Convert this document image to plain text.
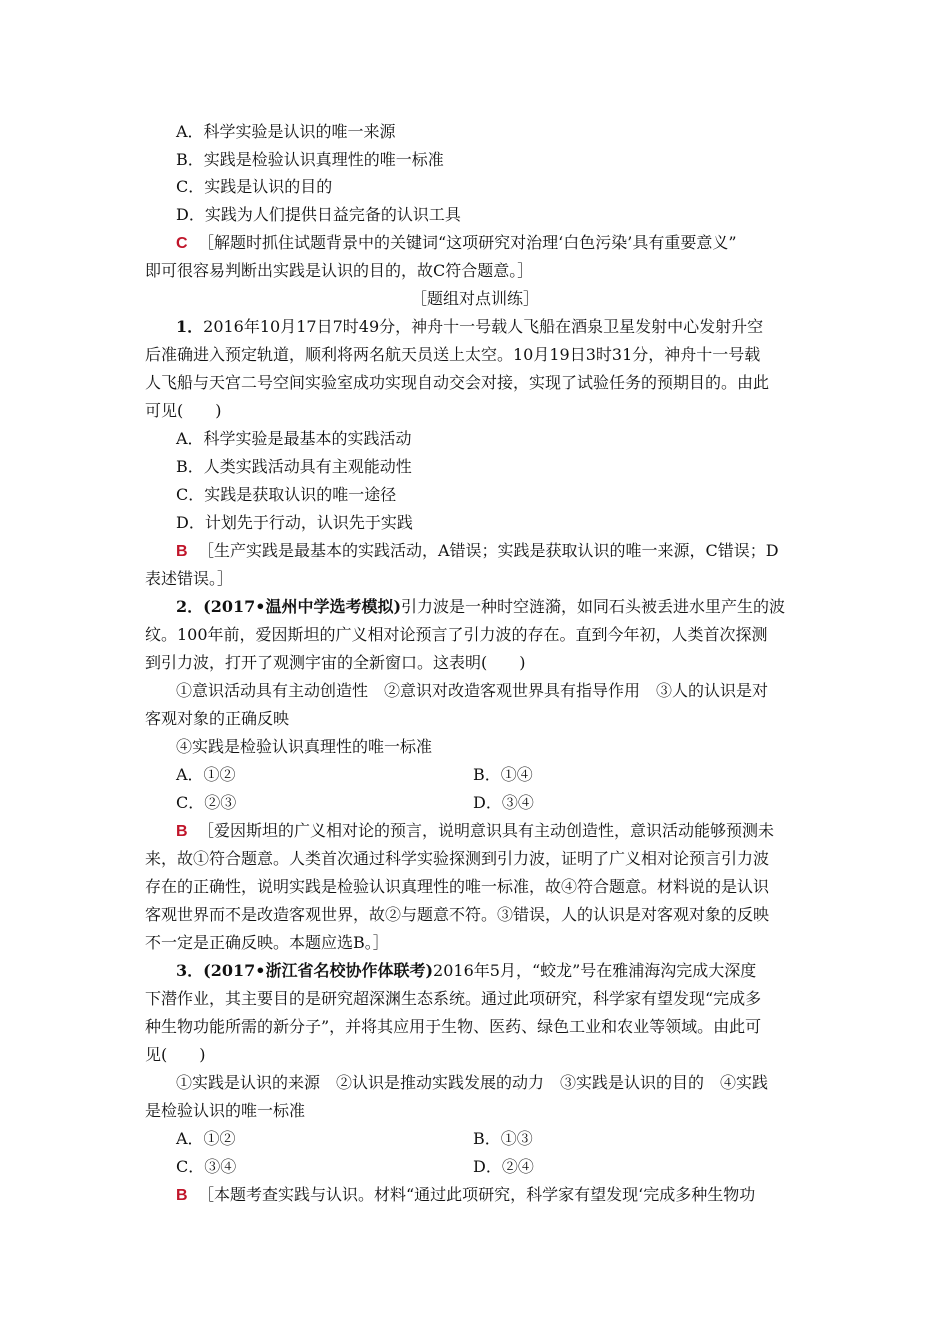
A．科学实验是认识的唯一来源
B．实践是检验认识真理性的唯一标准
C．实践是认识的目的
D．实践为人们提供日益完备的认识工具
C ［解题时抓住试题背景中的关键词“这项研究对治理‘白色污染’具有重要意义”
即可很容易判断出实践是认识的目的，故C符合题意。］
［题组对点训练］
1．2016年10月17日7时49分，神舟十一号载人飞船在酒泉卫星发射中心发射升空
后准确进入预定轨道，顺利将两名航天员送上太空。10月19日3时31分，神舟十一号载
人飞船与天宫二号空间实验室成功实现自动交会对接，实现了试验任务的预期目的。由此
可见(　　)
A．科学实验是最基本的实践活动
B．人类实践活动具有主观能动性
C．实践是获取认识的唯一途径
D．计划先于行动，认识先于实践
B ［生产实践是最基本的实践活动，A错误；实践是获取认识的唯一来源，C错误；D
表述错误。］
2．(2017•温州中学选考模拟)引力波是一种时空涟漪，如同石头被丢进水里产生的波
纹。100年前，爱因斯坦的广义相对论预言了引力波的存在。直到今年初，人类首次探测
到引力波，打开了观测宇宙的全新窗口。这表明(　　)
①意识活动具有主动创造性　②意识对改造客观世界具有指导作用　③人的认识是对
客观对象的正确反映
④实践是检验认识真理性的唯一标准
A．①②	B．①④
C．②③	D．③④
B ［爱因斯坦的广义相对论的预言，说明意识具有主动创造性，意识活动能够预测未
来，故①符合题意。人类首次通过科学实验探测到引力波，证明了广义相对论预言引力波
存在的正确性，说明实践是检验认识真理性的唯一标准，故④符合题意。材料说的是认识
客观世界而不是改造客观世界，故②与题意不符。③错误，人的认识是对客观对象的反映
不一定是正确反映。本题应选B。］
3．(2017•浙江省名校协作体联考)2016年5月，“蛟龙”号在雅浦海沟完成大深度
下潜作业，其主要目的是研究超深渊生态系统。通过此项研究，科学家有望发现“完成多
种生物功能所需的新分子”，并将其应用于生物、医药、绿色工业和农业等领域。由此可
见(　　)
①实践是认识的来源　②认识是推动实践发展的动力　③实践是认识的目的　④实践
是检验认识的唯一标准
A．①②	B．①③
C．③④	D．②④
B ［本题考查实践与认识。材料“通过此项研究，科学家有望发现‘完成多种生物功
